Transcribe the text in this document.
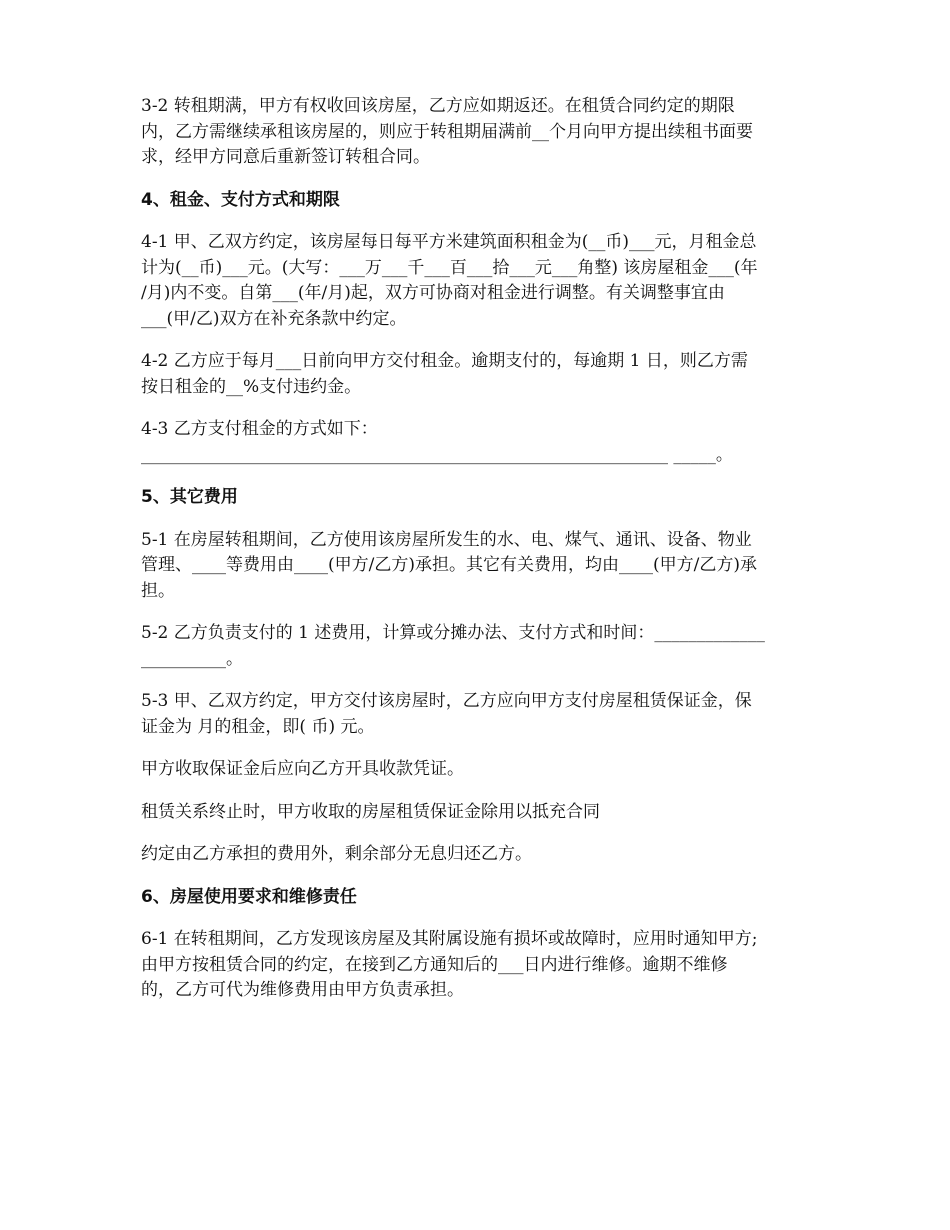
3-2 转租期满，甲方有权收回该房屋，乙方应如期返还。在租赁合同约定的期限
内，乙方需继续承租该房屋的，则应于转租期届满前__个月向甲方提出续租书面要
求，经甲方同意后重新签订转租合同。

4、租金、支付方式和期限

4-1 甲、乙双方约定，该房屋每日每平方米建筑面积租金为(__币)___元，月租金总
计为(__币)___元。(大写：___万___千___百___拾___元___角整) 该房屋租金___(年
/月)内不变。自第___(年/月)起，双方可协商对租金进行调整。有关调整事宜由
___(甲/乙)双方在补充条款中约定。

4-2 乙方应于每月___日前向甲方交付租金。逾期支付的，每逾期 1 日，则乙方需
按日租金的__%支付违约金。

4-3 乙方支付租金的方式如下：
______________________________________________________________ _____。

5、其它费用

5-1 在房屋转租期间，乙方使用该房屋所发生的水、电、煤气、通讯、设备、物业
管理、____等费用由____(甲方/乙方)承担。其它有关费用，均由____(甲方/乙方)承
担。

5-2 乙方负责支付的 1 述费用，计算或分摊办法、支付方式和时间：_____________
__________。

5-3 甲、乙双方约定，甲方交付该房屋时，乙方应向甲方支付房屋租赁保证金，保
证金为 月的租金，即( 币) 元。

甲方收取保证金后应向乙方开具收款凭证。

租赁关系终止时，甲方收取的房屋租赁保证金除用以抵充合同

约定由乙方承担的费用外，剩余部分无息归还乙方。

6、房屋使用要求和维修责任

6-1 在转租期间，乙方发现该房屋及其附属设施有损坏或故障时，应用时通知甲方;
由甲方按租赁合同的约定，在接到乙方通知后的___日内进行维修。逾期不维修
的，乙方可代为维修费用由甲方负责承担。
